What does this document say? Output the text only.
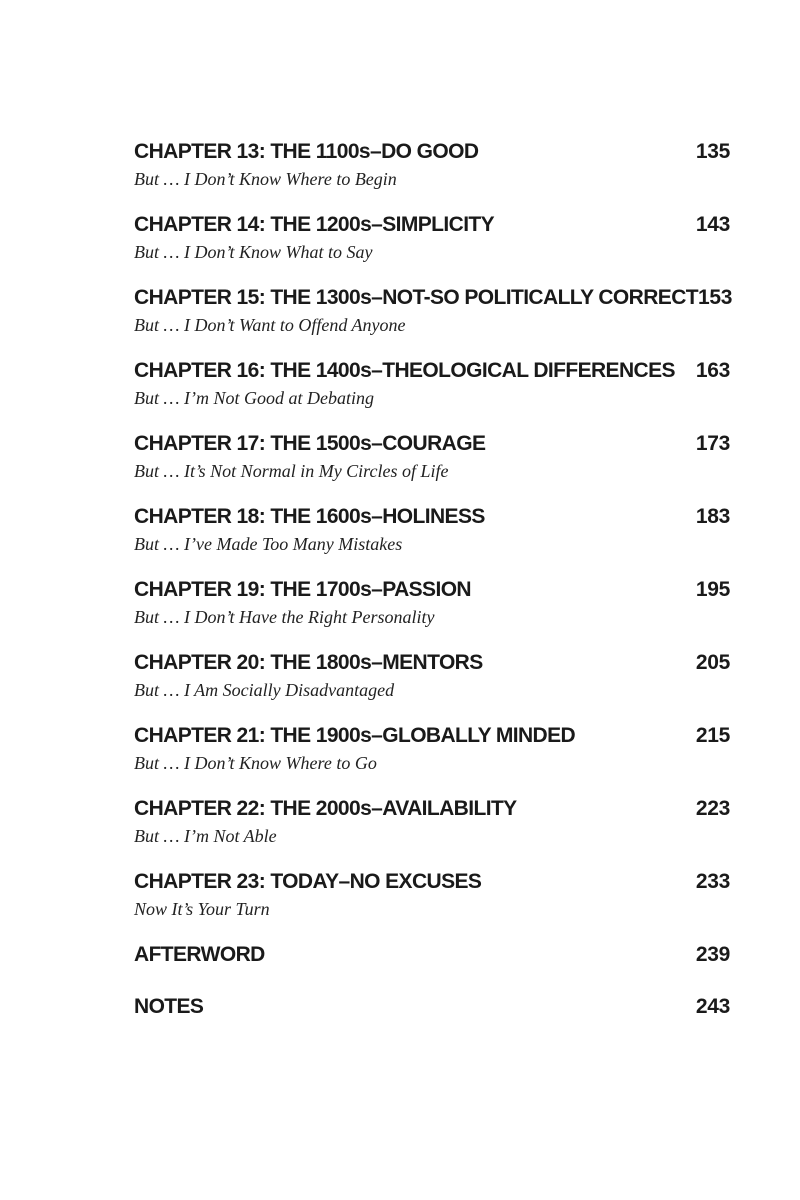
CHAPTER 13: THE 1100s–DO GOOD	135
But … I Don’t Know Where to Begin
CHAPTER 14: THE 1200s–SIMPLICITY	143
But … I Don’t Know What to Say
CHAPTER 15: THE 1300s–NOT-SO POLITICALLY CORRECT 153
But … I Don’t Want to Offend Anyone
CHAPTER 16: THE 1400s–THEOLOGICAL DIFFERENCES 163
But … I’m Not Good at Debating
CHAPTER 17: THE 1500s–COURAGE	173
But … It’s Not Normal in My Circles of Life
CHAPTER 18: THE 1600s–HOLINESS	183
But … I’ve Made Too Many Mistakes
CHAPTER 19: THE 1700s–PASSION	195
But … I Don’t Have the Right Personality
CHAPTER 20: THE 1800s–MENTORS	205
But … I Am Socially Disadvantaged
CHAPTER 21: THE 1900s–GLOBALLY MINDED	215
But … I Don’t Know Where to Go
CHAPTER 22: THE 2000s–AVAILABILITY	223
But … I’m Not Able
CHAPTER 23: TODAY–NO EXCUSES	233
Now It’s Your Turn
AFTERWORD	239
NOTES	243
